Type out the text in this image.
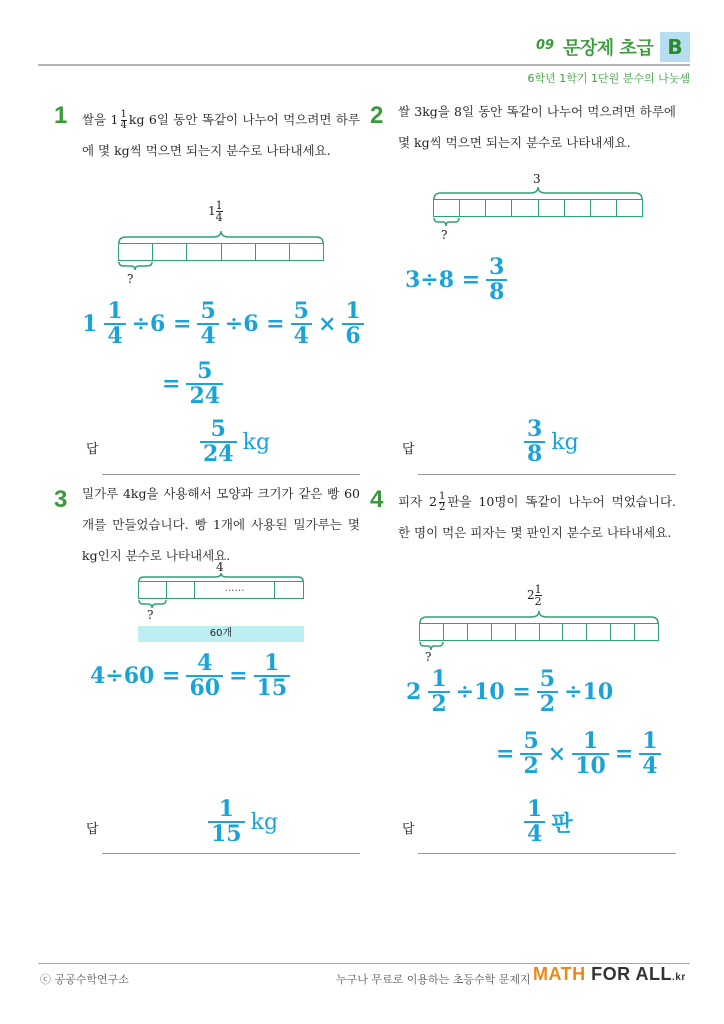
09 문장제 초급 B
6학년 1학기 1단원 분수의 나눗셈
1 쌀을 $1 \frac{1}{4}$ kg 6일 동안 똑같이 나누어 먹으려면 하루에 몇 kg씩 먹으면 되는지 분수로 나타내세요.
$1 \frac{1}{4}$
?
$1 \frac{1}{4} \div 6 = \frac{5}{4} \div 6 = \frac{5}{4} \times \frac{1}{6}$
= $\frac{5}{24}$
답
5
24 kg
2 쌀 3kg을 8일 동안 똑같이 나누어 먹으려면 하루에 몇 kg씩 먹으면 되는지 분수로 나타내세요.
3
?
$3\div 8 = \frac{3}{8}$
답
3
8 kg
3 밀가루 4kg을 사용해서 모양과 크기가 같은 빵 60개를 만들었습니다. 빵 1개에 사용된 밀가루는 몇 kg인지 분수로 나타내세요.
4
……
?
60개
$4\div 60 = \frac{4}{60} = \frac{1}{15}$
답
1
15 kg
4 피자 $2 \frac{1}{2}$ 판을 10명이 똑같이 나누어 먹었습니다. 한 명이 먹은 피자는 몇 판인지 분수로 나타내세요.
$2 \frac{1}{2}$
?
$2 \frac{1}{2} \div 10 = \frac{5}{2} \div 10$
= $\frac{5}{2} \times \frac{1}{10} = \frac{1}{4}$
답
1
4 판
ⓒ 공공수학연구소	누구나 무료로 이용하는 초등수학 문제지 MATH FOR ALL.kr
